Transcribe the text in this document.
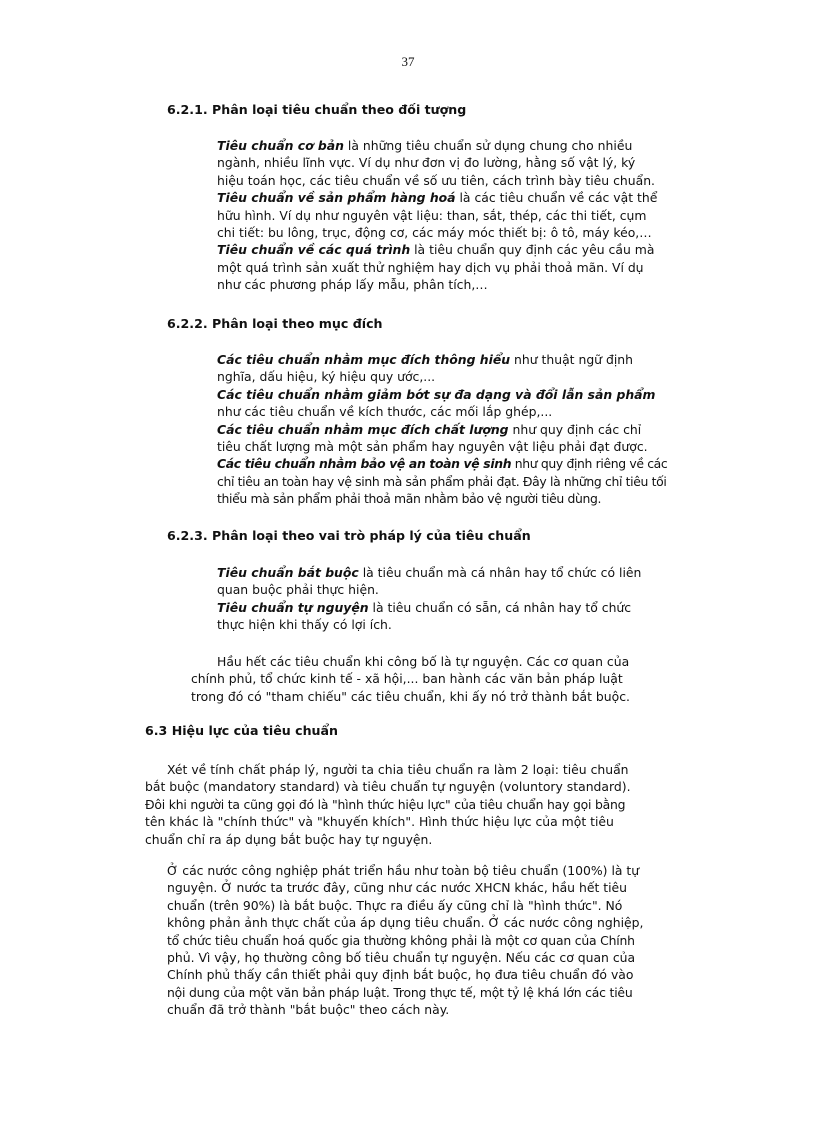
37
6.2.1. Phân loại tiêu chuẩn theo đối tượng
Tiêu chuẩn cơ bản là những tiêu chuẩn sử dụng chung cho nhiều
ngành, nhiều lĩnh vực. Ví dụ như đơn vị đo lường, hằng số vật lý, ký
hiệu toán học, các tiêu chuẩn về số ưu tiên, cách trình bày tiêu chuẩn.
Tiêu chuẩn về sản phẩm hàng hoá là các tiêu chuẩn về các vật thể
hữu hình. Ví dụ như nguyên vật liệu: than, sắt, thép, các thi tiết, cụm
chi tiết: bu lông, trục, động cơ, các máy móc thiết bị: ô tô, máy kéo,…
Tiêu chuẩn về các quá trình là tiêu chuẩn quy định các yêu cầu mà
một quá trình sản xuất thử nghiệm hay dịch vụ phải thoả mãn. Ví dụ
như các phương pháp lấy mẫu, phân tích,…
6.2.2. Phân loại theo mục đích
Các tiêu chuẩn nhằm mục đích thông hiểu như thuật ngữ định
nghĩa, dấu hiệu, ký hiệu quy ước,...
Các tiêu chuẩn nhằm giảm bớt sự đa dạng và đổi lẫn sản phẩm
như các tiêu chuẩn về kích thước, các mối lắp ghép,...
Các tiêu chuẩn nhằm mục đích chất lượng như quy định các chỉ
tiêu chất lượng mà một sản phẩm hay nguyên vật liệu phải đạt được.
Các tiêu chuẩn nhằm bảo vệ an toàn vệ sinh như quy định riêng về các
chỉ tiêu an toàn hay vệ sinh mà sản phẩm phải đạt. Đây là những chỉ tiêu tối
thiểu mà sản phẩm phải thoả mãn nhằm bảo vệ người tiêu dùng.
6.2.3. Phân loại theo vai trò pháp lý của tiêu chuẩn
Tiêu chuẩn bắt buộc là tiêu chuẩn mà cá nhân hay tổ chức có liên
quan buộc phải thực hiện.
Tiêu chuẩn tự nguyện là tiêu chuẩn có sẵn, cá nhân hay tổ chức
thực hiện khi thấy có lợi ích.
Hầu hết các tiêu chuẩn khi công bố là tự nguyện. Các cơ quan của
chính phủ, tổ chức kinh tế - xã hội,... ban hành các văn bản pháp luật
trong đó có "tham chiếu" các tiêu chuẩn, khi ấy nó trở thành bắt buộc.
6.3 Hiệu lực của tiêu chuẩn
Xét về tính chất pháp lý, người ta chia tiêu chuẩn ra làm 2 loại: tiêu chuẩn
bắt buộc (mandatory standard) và tiêu chuẩn tự nguyện (voluntory standard).
Đôi khi người ta cũng gọi đó là "hình thức hiệu lực" của tiêu chuẩn hay gọi bằng
tên khác là "chính thức" và "khuyến khích". Hình thức hiệu lực của một tiêu
chuẩn chỉ ra áp dụng bắt buộc hay tự nguyện.
Ở các nước công nghiệp phát triển hầu như toàn bộ tiêu chuẩn (100%) là tự
nguyện. Ở nước ta trước đây, cũng như các nước XHCN khác, hầu hết tiêu
chuẩn (trên 90%) là bắt buộc. Thực ra điều ấy cũng chỉ là "hình thức". Nó
không phản ảnh thực chất của áp dụng tiêu chuẩn. Ở các nước công nghiệp,
tổ chức tiêu chuẩn hoá quốc gia thường không phải là một cơ quan của Chính
phủ. Vì vậy, họ thường công bố tiêu chuẩn tự nguyện. Nếu các cơ quan của
Chính phủ thấy cần thiết phải quy định bắt buộc, họ đưa tiêu chuẩn đó vào
nội dung của một văn bản pháp luật. Trong thực tế, một tỷ lệ khá lớn các tiêu
chuẩn đã trở thành "bắt buộc" theo cách này.
